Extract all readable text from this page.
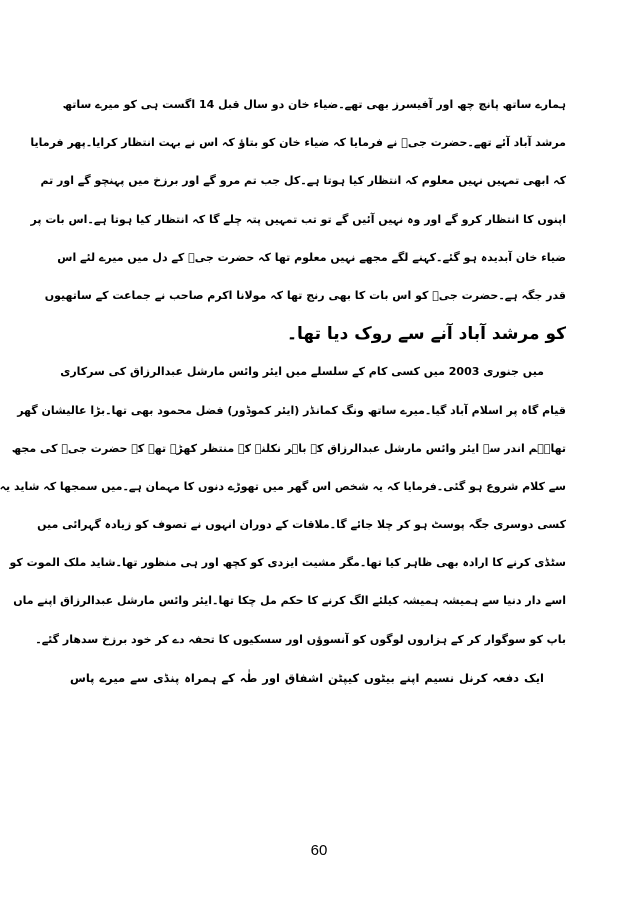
ہمارے ساتھ پانچ چھ اور آفیسرز بھی تھے۔ضیاء خان دو سال قبل 14 اگست ہی کو میرے ساتھ
مرشد آباد آئے تھے۔حضرت جیؒ نے فرمایا کہ ضیاء خان کو بتاؤ کہ اس نے بہت انتظار کرایا۔پھر فرمایا
کہ ابھی تمہیں نہیں معلوم کہ انتظار کیا ہوتا ہے۔کل جب تم مرو گے اور برزخ میں پہنچو گے اور تم
اپنوں کا انتظار کرو گے اور وہ نہیں آئیں گے تو تب تمہیں پتہ چلے گا کہ انتظار کیا ہوتا ہے۔اس بات پر
ضیاء خان آبدیدہ ہو گئے۔کہنے لگے مجھے نہیں معلوم تھا کہ حضرت جیؒ کے دل میں میرے لئے اس
قدر جگہ ہے۔حضرت جیؒ کو اس بات کا بھی رنج تھا کہ مولانا اکرم صاحب نے جماعت کے ساتھیوں
کو مرشد آباد آنے سے روک دیا تھا۔
میں جنوری 2003 میں کسی کام کے سلسلے میں ایئر وائس مارشل عبدالرزاق کی سرکاری
قیام گاہ پر اسلام آباد گیا۔میرے ساتھ ونگ کمانڈر (ایئر کموڈور) فضل محمود بھی تھا۔بڑا عالیشان گھر
تھا۔ہم اندر سے ایئر وائس مارشل عبدالرزاق کے باہر نکلنے کے منتظر کھڑے تھے کہ حضرت جیؒ کی مجھ
سے کلام شروع ہو گئی۔فرمایا کہ یہ شخص اس گھر میں تھوڑے دنوں کا مہمان ہے۔میں سمجھا کہ شاید یہ
کسی دوسری جگہ پوسٹ ہو کر چلا جائے گا۔ملاقات کے دوران انہوں نے تصوف کو زیادہ گہرائی میں
سٹڈی کرنے کا ارادہ بھی ظاہر کیا تھا۔مگر مشیت ایزدی کو کچھ اور ہی منظور تھا۔شاید ملک الموت کو
اسے دار دنیا سے ہمیشہ ہمیشہ کیلئے الگ کرنے کا حکم مل چکا تھا۔ایئر وائس مارشل عبدالرزاق اپنے ماں
باپ کو سوگوار کر کے ہزاروں لوگوں کو آنسوؤں اور سسکیوں کا تحفہ دے کر خود برزخ سدھار گئے۔
ایک دفعہ کرنل نسیم اپنے بیٹوں کیپٹن اشفاق اور طٰہ کے ہمراہ پنڈی سے میرے پاس
60
